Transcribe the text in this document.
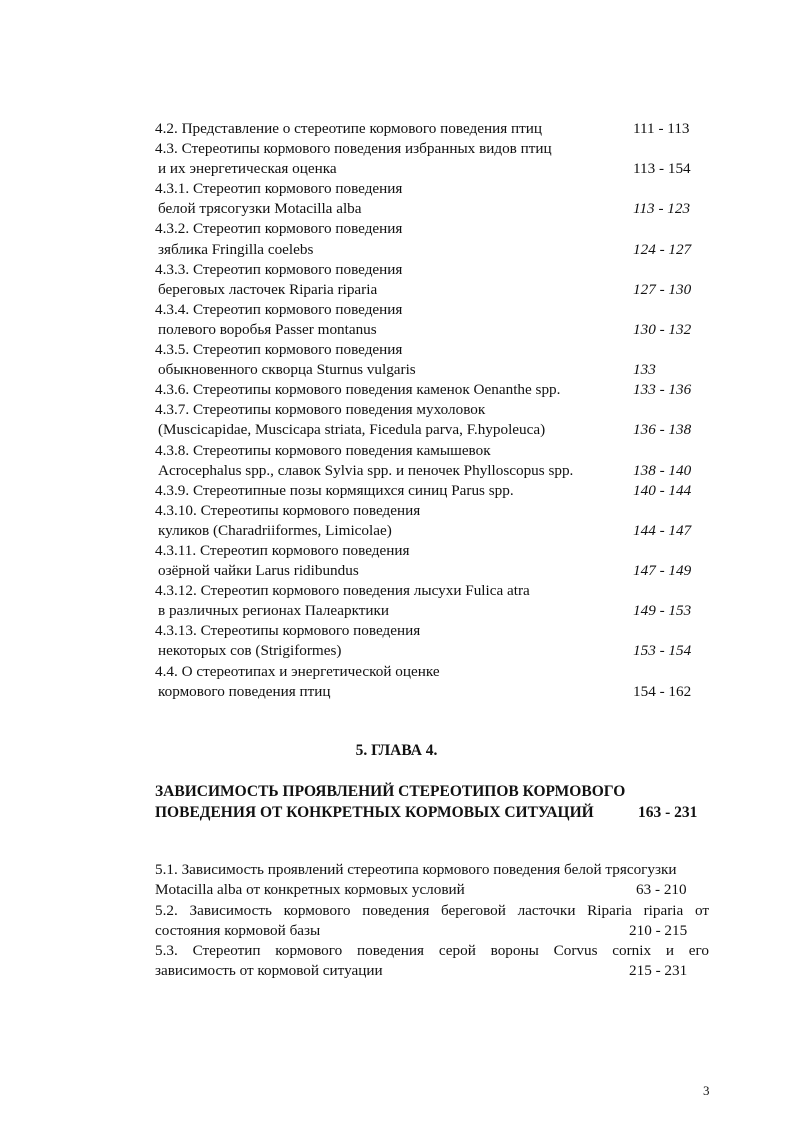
4.2. Представление о стереотипе кормового поведения птиц	111 - 113
4.3. Стереотипы кормового поведения избранных видов птиц
и их энергетическая оценка	113 - 154
4.3.1. Стереотип кормового поведения
белой трясогузки Motacilla alba	113 - 123
4.3.2. Стереотип кормового поведения
зяблика Fringilla coelebs	124 - 127
4.3.3. Стереотип кормового поведения
береговых ласточек Riparia riparia	127 - 130
4.3.4. Стереотип кормового поведения
полевого воробья Passer montanus	130 - 132
4.3.5. Стереотип кормового поведения
обыкновенного скворца Sturnus vulgaris	133
4.3.6. Стереотипы кормового поведения каменок Oenanthe spp.	133 - 136
4.3.7. Стереотипы кормового поведения мухоловок
(Muscicapidae, Muscicapa striata, Ficedula parva, F.hypoleuca)	136 - 138
4.3.8. Стереотипы кормового поведения камышевок
Acrocephalus spp., славок Sylvia spp. и пеночек Phylloscopus spp.	138 - 140
4.3.9. Стереотипные позы кормящихся синиц Parus spp.	140 - 144
4.3.10. Стереотипы кормового поведения
куликов (Charadriiformes, Limicolae)	144 - 147
4.3.11. Стереотип кормового поведения
озёрной чайки Larus ridibundus	147 - 149
4.3.12. Стереотип кормового поведения лысухи Fulica atra
в различных регионах Палеарктики	149 - 153
4.3.13. Стереотипы кормового поведения
некоторых сов (Strigiformes)	153 - 154
4.4. О стереотипах и энергетической оценке
кормового поведения птиц	154 - 162
5. ГЛАВА 4.
ЗАВИСИМОСТЬ ПРОЯВЛЕНИЙ СТЕРЕОТИПОВ КОРМОВОГО
ПОВЕДЕНИЯ ОТ КОНКРЕТНЫХ КОРМОВЫХ СИТУАЦИЙ	163 - 231
5.1. Зависимость проявлений стереотипа кормового поведения белой трясогузки
Motacilla alba от конкретных кормовых условий	63 - 210
5.2. Зависимость кормового поведения береговой ласточки Riparia riparia от
состояния кормовой базы	210 - 215
5.3. Стереотип кормового поведения серой вороны Corvus cornix и его
зависимость от кормовой ситуации	215 - 231
3
